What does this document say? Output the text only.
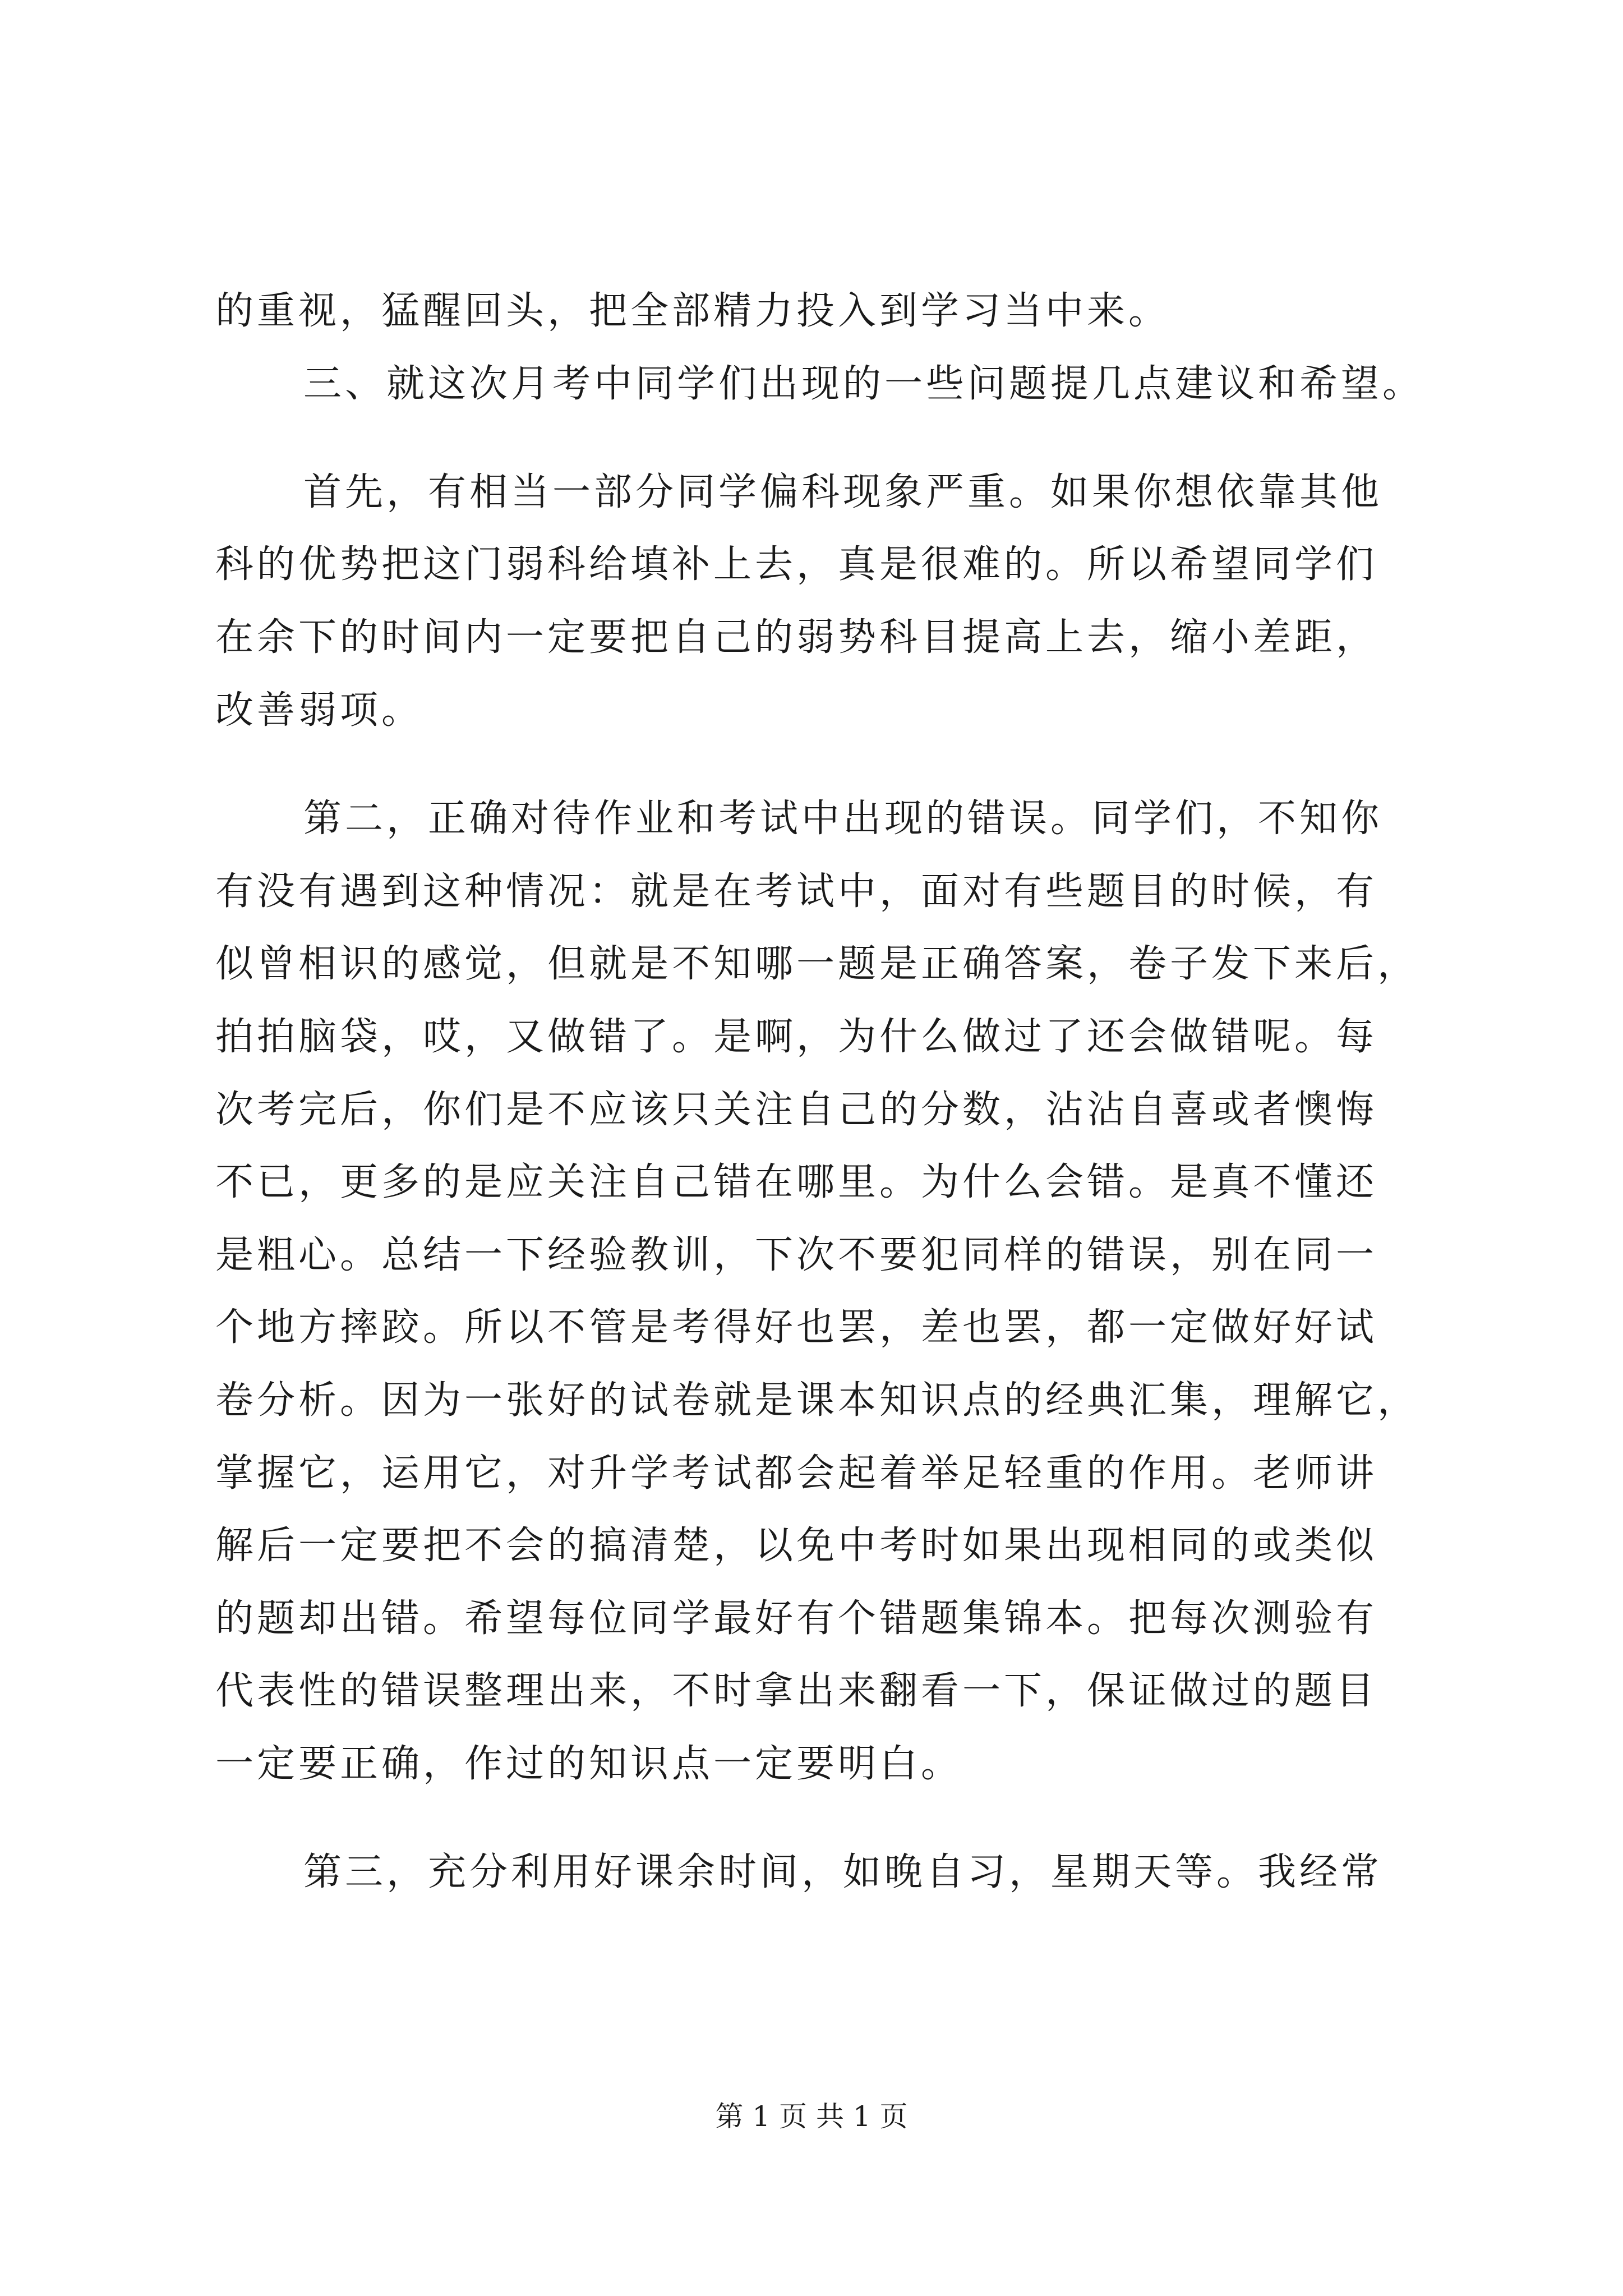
的重视，猛醒回头，把全部精力投入到学习当中来。
三、就这次月考中同学们出现的一些问题提几点建议和希望。
首先，有相当一部分同学偏科现象严重。如果你想依靠其他
科的优势把这门弱科给填补上去，真是很难的。所以希望同学们
在余下的时间内一定要把自己的弱势科目提高上去，缩小差距，
改善弱项。
第二，正确对待作业和考试中出现的错误。同学们，不知你
有没有遇到这种情况：就是在考试中，面对有些题目的时候，有
似曾相识的感觉，但就是不知哪一题是正确答案，卷子发下来后，
拍拍脑袋，哎，又做错了。是啊，为什么做过了还会做错呢。每
次考完后，你们是不应该只关注自己的分数，沾沾自喜或者懊悔
不已，更多的是应关注自己错在哪里。为什么会错。是真不懂还
是粗心。总结一下经验教训，下次不要犯同样的错误，别在同一
个地方摔跤。所以不管是考得好也罢，差也罢，都一定做好好试
卷分析。因为一张好的试卷就是课本知识点的经典汇集，理解它，
掌握它，运用它，对升学考试都会起着举足轻重的作用。老师讲
解后一定要把不会的搞清楚，以免中考时如果出现相同的或类似
的题却出错。希望每位同学最好有个错题集锦本。把每次测验有
代表性的错误整理出来，不时拿出来翻看一下，保证做过的题目
一定要正确，作过的知识点一定要明白。
第三，充分利用好课余时间，如晚自习，星期天等。我经常
第 1 页 共 1 页
